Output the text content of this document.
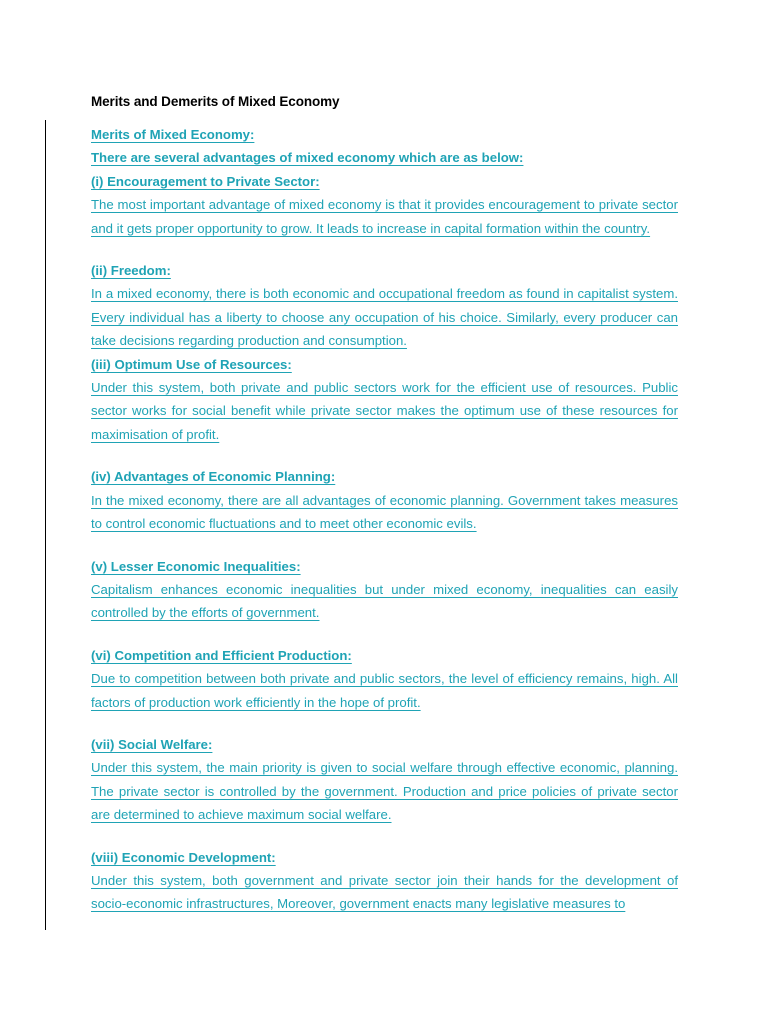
Merits and Demerits of Mixed Economy
Merits of Mixed Economy:
There are several advantages of mixed economy which are as below:
(i) Encouragement to Private Sector:

The most important advantage of mixed economy is that it provides encouragement to private sector and it gets proper opportunity to grow. It leads to increase in capital formation within the country.

(ii) Freedom:

In a mixed economy, there is both economic and occupational freedom as found in capitalist system. Every individual has a liberty to choose any occupation of his choice. Similarly, every producer can take decisions regarding production and consumption.

(iii) Optimum Use of Resources:

Under this system, both private and public sectors work for the efficient use of resources. Public sector works for social benefit while private sector makes the optimum use of these resources for maximisation of profit.

(iv) Advantages of Economic Planning:

In the mixed economy, there are all advantages of economic planning. Government takes measures to control economic fluctuations and to meet other economic evils.

(v) Lesser Economic Inequalities:

Capitalism enhances economic inequalities but under mixed economy, inequalities can easily controlled by the efforts of government.

(vi) Competition and Efficient Production:

Due to competition between both private and public sectors, the level of efficiency remains, high. All factors of production work efficiently in the hope of profit.

(vii) Social Welfare:

Under this system, the main priority is given to social welfare through effective economic, planning. The private sector is controlled by the government. Production and price policies of private sector are determined to achieve maximum social welfare.

(viii) Economic Development:

Under this system, both government and private sector join their hands for the development of socio-economic infrastructures, Moreover, government enacts many legislative measures to
